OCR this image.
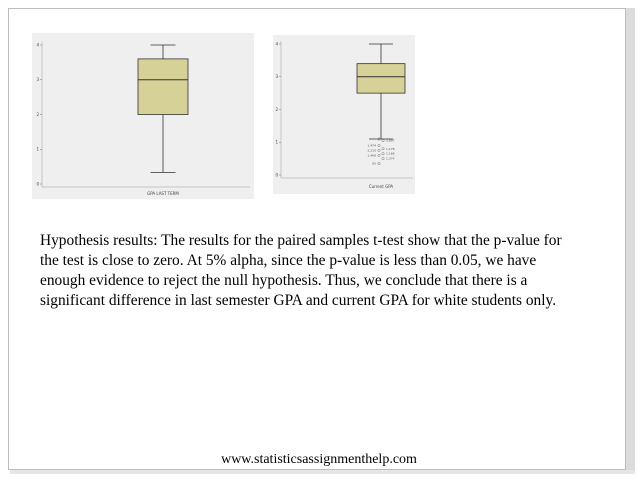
0
1
2
3
4
GPA LAST TERM
0
1
2
3
4
3,897
1,474
1,178
2,210
1,166
1,468
1,374
95
Current GPA
Hypothesis results: The results for the paired samples t-test show that the p-value for the test is close to zero. At 5% alpha, since the p-value is less than 0.05, we have enough evidence to reject the null hypothesis. Thus, we conclude that there is a significant difference in last semester GPA and current GPA for white students only.
www.statisticsassignmenthelp.com
